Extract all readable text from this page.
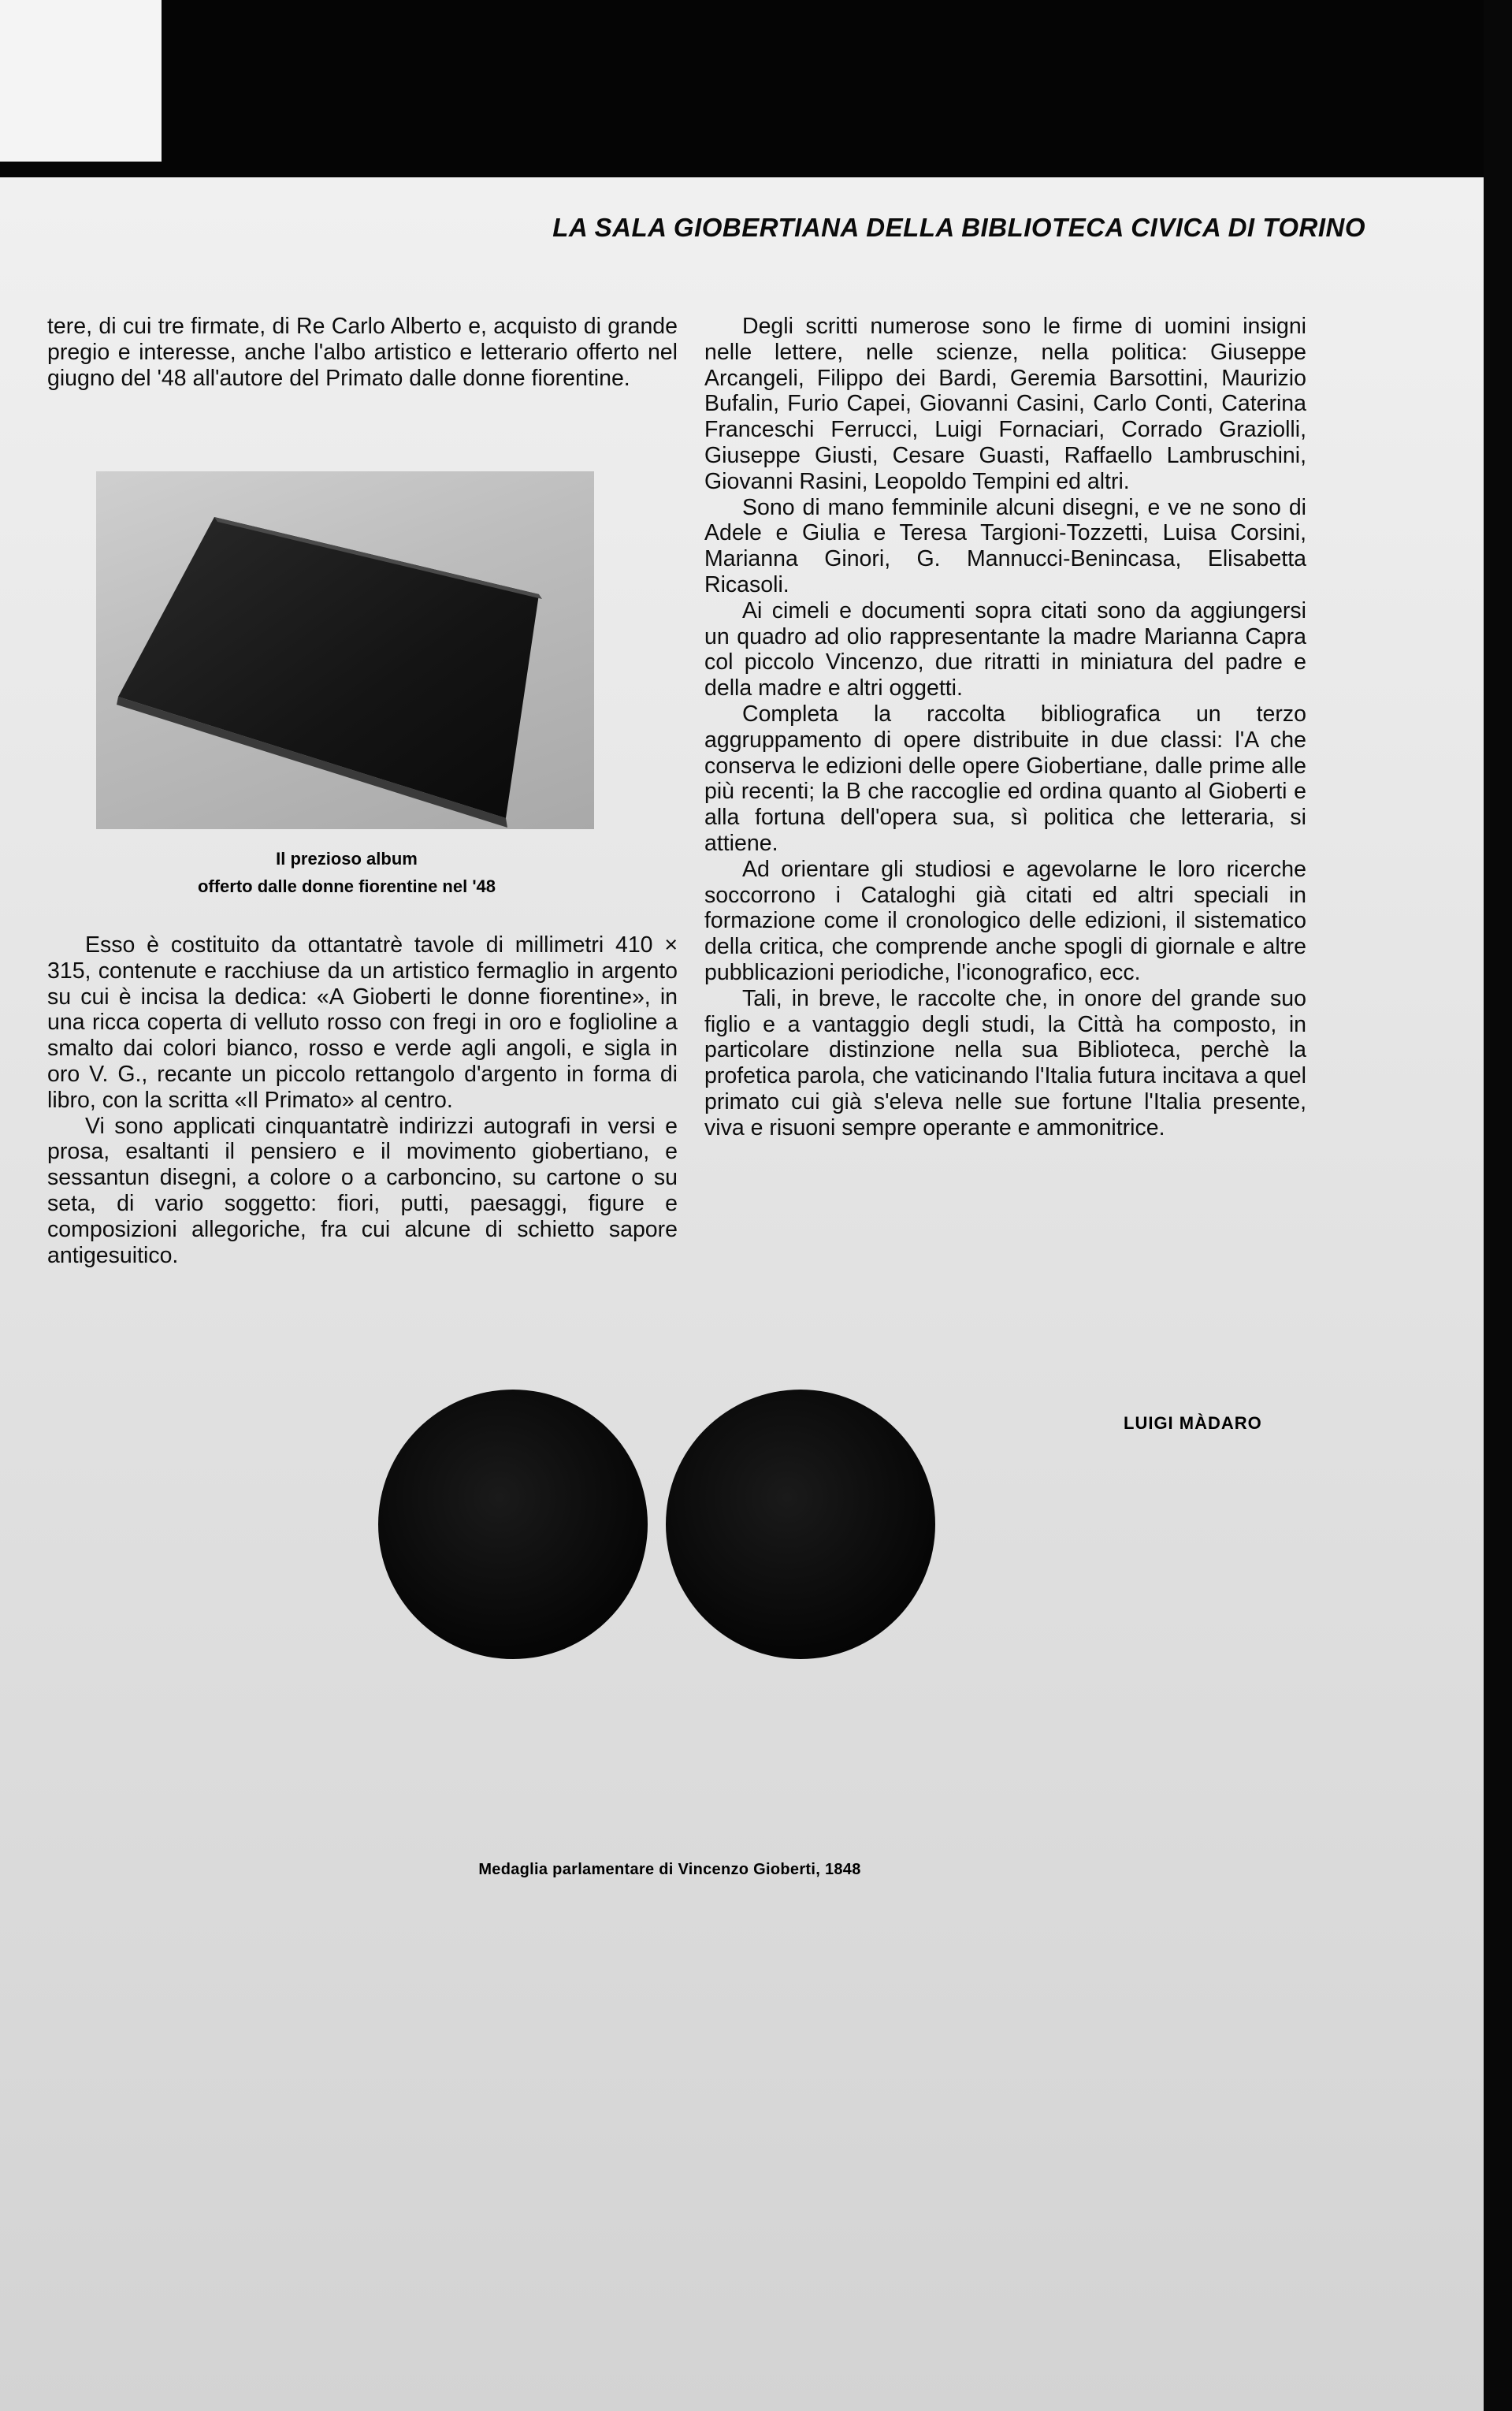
LA SALA GIOBERTIANA DELLA BIBLIOTECA CIVICA DI TORINO

tere, di cui tre firmate, di Re Carlo Alberto e, acquisto di grande pregio e interesse, anche l'albo artistico e letterario offerto nel giugno del '48 all'autore del Primato dalle donne fiorentine.

Il prezioso album
offerto dalle donne fiorentine nel '48

Esso è costituito da ottantatrè tavole di millimetri 410 × 315, contenute e racchiuse da un artistico fermaglio in argento su cui è incisa la dedica: «A Gioberti le donne fiorentine», in una ricca coperta di velluto rosso con fregi in oro e foglioline a smalto dai colori bianco, rosso e verde agli angoli, e sigla in oro V. G., recante un piccolo rettangolo d'argento in forma di libro, con la scritta «Il Primato» al centro.

Vi sono applicati cinquantatrè indirizzi autografi in versi e prosa, esaltanti il pensiero e il movimento giobertiano, e sessantun disegni, a colore o a carboncino, su cartone o su seta, di vario soggetto: fiori, putti, paesaggi, figure e composizioni allegoriche, fra cui alcune di schietto sapore antigesuitico.

Degli scritti numerose sono le firme di uomini insigni nelle lettere, nelle scienze, nella politica: Giuseppe Arcangeli, Filippo dei Bardi, Geremia Barsottini, Maurizio Bufalin, Furio Capei, Giovanni Casini, Carlo Conti, Caterina Franceschi Ferrucci, Luigi Fornaciari, Corrado Graziolli, Giuseppe Giusti, Cesare Guasti, Raffaello Lambruschini, Giovanni Rasini, Leopoldo Tempini ed altri.

Sono di mano femminile alcuni disegni, e ve ne sono di Adele e Giulia e Teresa Targioni-Tozzetti, Luisa Corsini, Marianna Ginori, G. Mannucci-Benincasa, Elisabetta Ricasoli.

Ai cimeli e documenti sopra citati sono da aggiungersi un quadro ad olio rappresentante la madre Marianna Capra col piccolo Vincenzo, due ritratti in miniatura del padre e della madre e altri oggetti.

Completa la raccolta bibliografica un terzo aggruppamento di opere distribuite in due classi: l'A che conserva le edizioni delle opere Giobertiane, dalle prime alle più recenti; la B che raccoglie ed ordina quanto al Gioberti e alla fortuna dell'opera sua, sì politica che letteraria, si attiene.

Ad orientare gli studiosi e agevolarne le loro ricerche soccorrono i Cataloghi già citati ed altri speciali in formazione come il cronologico delle edizioni, il sistematico della critica, che comprende anche spogli di giornale e altre pubblicazioni periodiche, l'iconografico, ecc.

Tali, in breve, le raccolte che, in onore del grande suo figlio e a vantaggio degli studi, la Città ha composto, in particolare distinzione nella sua Biblioteca, perchè la profetica parola, che vaticinando l'Italia futura incitava a quel primato cui già s'eleva nelle sue fortune l'Italia presente, viva e risuoni sempre operante e ammonitrice.

LUIGI MÀDARO
Medaglia parlamentare di Vincenzo Gioberti, 1848
